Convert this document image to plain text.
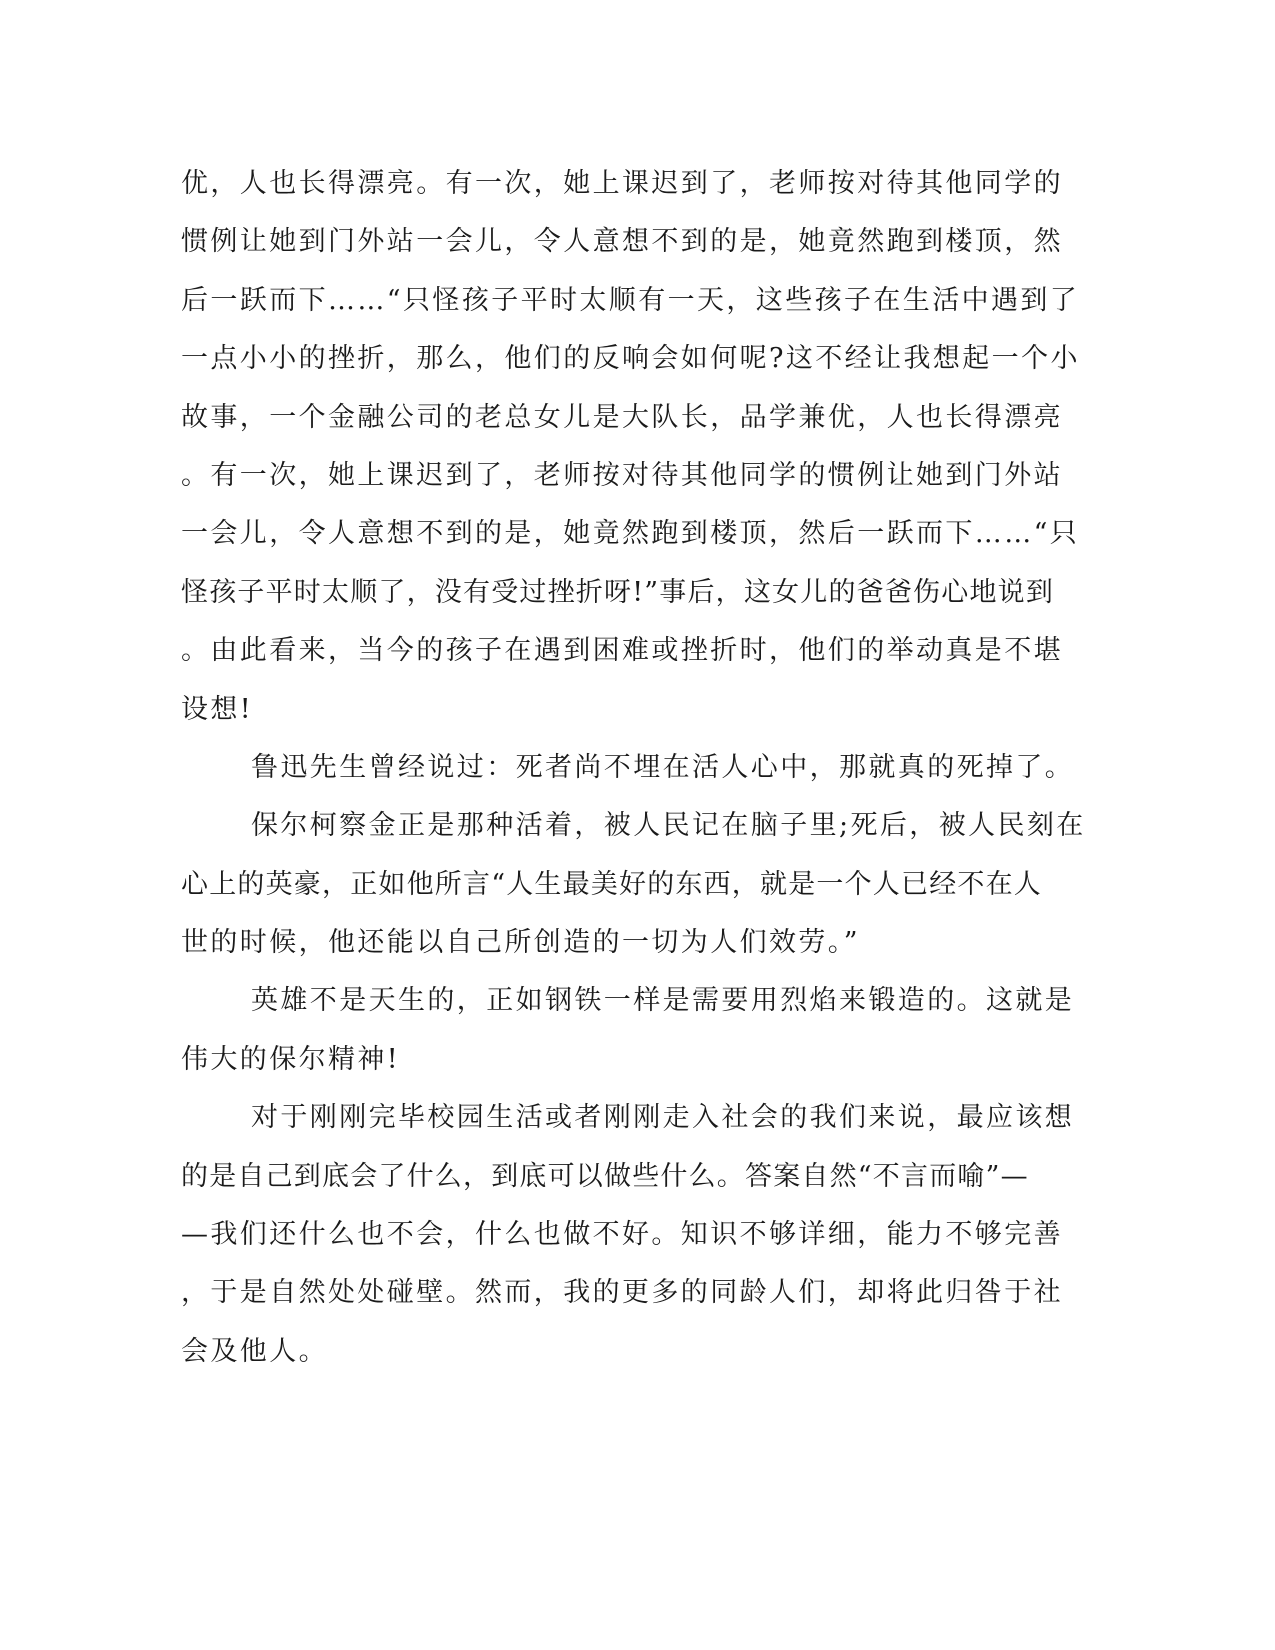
优，人也长得漂亮。有一次，她上课迟到了，老师按对待其他同学的
惯例让她到门外站一会儿，令人意想不到的是，她竟然跑到楼顶，然
后一跃而下……“只怪孩子平时太顺有一天，这些孩子在生活中遇到了
一点小小的挫折，那么，他们的反响会如何呢?这不经让我想起一个小
故事，一个金融公司的老总女儿是大队长，品学兼优，人也长得漂亮
。有一次，她上课迟到了，老师按对待其他同学的惯例让她到门外站
一会儿，令人意想不到的是，她竟然跑到楼顶，然后一跃而下……“只
怪孩子平时太顺了，没有受过挫折呀!”事后，这女儿的爸爸伤心地说到
。由此看来，当今的孩子在遇到困难或挫折时，他们的举动真是不堪
设想!
鲁迅先生曾经说过：死者尚不埋在活人心中，那就真的死掉了。
保尔柯察金正是那种活着，被人民记在脑子里;死后，被人民刻在
心上的英豪，正如他所言“人生最美好的东西，就是一个人已经不在人
世的时候，他还能以自己所创造的一切为人们效劳。”
英雄不是天生的，正如钢铁一样是需要用烈焰来锻造的。这就是
伟大的保尔精神!
对于刚刚完毕校园生活或者刚刚走入社会的我们来说，最应该想
的是自己到底会了什么，到底可以做些什么。答案自然“不言而喻”—
—我们还什么也不会，什么也做不好。知识不够详细，能力不够完善
，于是自然处处碰壁。然而，我的更多的同龄人们，却将此归咎于社
会及他人。
